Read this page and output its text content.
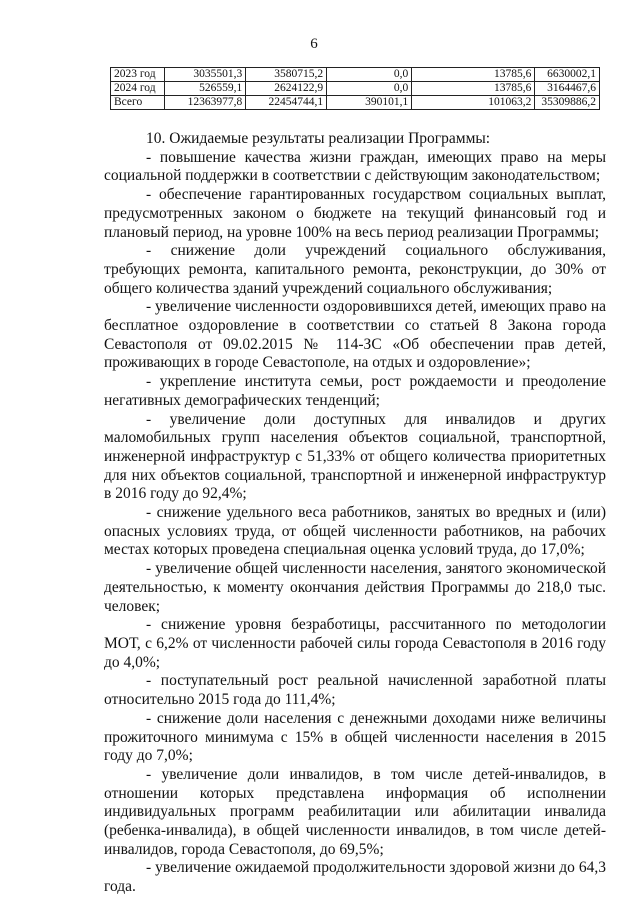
6
2023 год	3035501,3	3580715,2	0,0	13785,6	6630002,1
2024 год	526559,1	2624122,9	0,0	13785,6	3164467,6
Всего	12363977,8	22454744,1	390101,1	101063,2	35309886,2

10. Ожидаемые результаты реализации Программы:

- повышение качества жизни граждан, имеющих право на меры социальной поддержки в соответствии с действующим законодательством;

- обеспечение гарантированных государством социальных выплат, предусмотренных законом о бюджете на текущий финансовый год и плановый период, на уровне 100% на весь период реализации Программы;

- снижение доли учреждений социального обслуживания, требующих ремонта, капитального ремонта, реконструкции, до 30% от общего количества зданий учреждений социального обслуживания;

- увеличение численности оздоровившихся детей, имеющих право на бесплатное оздоровление в соответствии со статьей 8 Закона города Севастополя от 09.02.2015 № 114-ЗС «Об обеспечении прав детей, проживающих в городе Севастополе, на отдых и оздоровление»;

- укрепление института семьи, рост рождаемости и преодоление негативных демографических тенденций;

- увеличение доли доступных для инвалидов и других маломобильных групп населения объектов социальной, транспортной, инженерной инфраструктур с 51,33% от общего количества приоритетных для них объектов социальной, транспортной и инженерной инфраструктур в 2016 году до 92,4%;

- снижение удельного веса работников, занятых во вредных и (или) опасных условиях труда, от общей численности работников, на рабочих местах которых проведена специальная оценка условий труда, до 17,0%;

- увеличение общей численности населения, занятого экономической деятельностью, к моменту окончания действия Программы до 218,0 тыс. человек;

- снижение уровня безработицы, рассчитанного по методологии МОТ, с 6,2% от численности рабочей силы города Севастополя в 2016 году до 4,0%;

- поступательный рост реальной начисленной заработной платы относительно 2015 года до 111,4%;

- снижение доли населения с денежными доходами ниже величины прожиточного минимума с 15% в общей численности населения в 2015 году до 7,0%;

- увеличение доли инвалидов, в том числе детей-инвалидов, в отношении которых представлена информация об исполнении индивидуальных программ реабилитации или абилитации инвалида (ребенка-инвалида), в общей численности инвалидов, в том числе детей-инвалидов, города Севастополя, до 69,5%;

- увеличение ожидаемой продолжительности здоровой жизни до 64,3 года.
